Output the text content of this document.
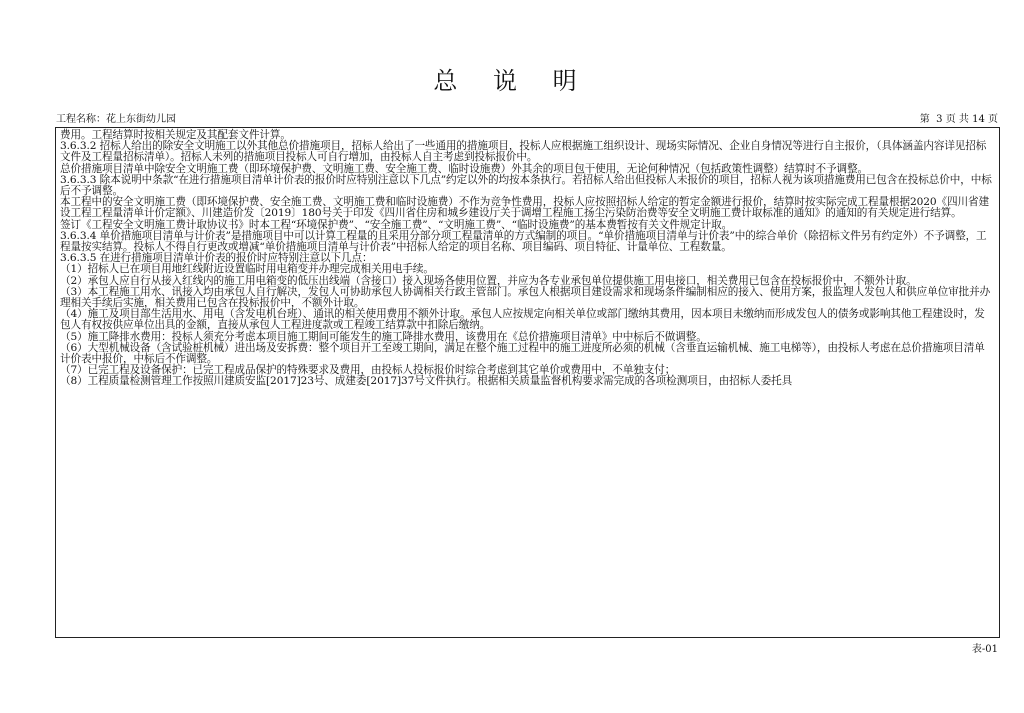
总 说 明
工程名称：花上东街幼儿园	第 3 页 共 14 页

费用。工程结算时按相关规定及其配套文件计算。

3.6.3.2 招标人给出的除安全文明施工以外其他总价措施项目，招标人给出了一些通用的措施项目，投标人应根据施工组织设计、现场实际情况、企业自身情况等进行自主报价，（具体涵盖内容详见招标文件及工程量招标清单）。招标人未列的措施项目投标人可自行增加，由投标人自主考虑到投标报价中。

总价措施项目清单中除安全文明施工费（即环境保护费、文明施工费、安全施工费、临时设施费）外其余的项目包干使用，无论何种情况（包括政策性调整）结算时不予调整。

3.6.3.3 除本说明中条款“在进行措施项目清单计价表的报价时应特别注意以下几点”约定以外的均按本条执行。若招标人给出但投标人未报价的项目，招标人视为该项措施费用已包含在投标总价中，中标后不予调整。

本工程中的安全文明施工费（即环境保护费、安全施工费、文明施工费和临时设施费）不作为竞争性费用，投标人应按照招标人给定的暂定金额进行报价，结算时按实际完成工程量根据2020《四川省建设工程工程量清单计价定额》、川建造价发〔2019〕180号关于印发《四川省住房和城乡建设厅关于调增工程施工扬尘污染防治费等安全文明施工费计取标准的通知》的通知的有关规定进行结算。

签订《工程安全文明施工费计取协议书》时本工程“环境保护费”、“安全施工费”、“文明施工费”、“临时设施费”的基本费暂按有关文件规定计取。

3.6.3.4 单价措施项目清单与计价表”是措施项目中可以计算工程量的且采用分部分项工程量清单的方式编制的项目。“单价措施项目清单与计价表”中的综合单价（除招标文件另有约定外）不予调整，工程量按实结算。投标人不得自行更改或增减“单价措施项目清单与计价表”中招标人给定的项目名称、项目编码、项目特征、计量单位、工程数量。

3.6.3.5 在进行措施项目清单计价表的报价时应特别注意以下几点：

（1）招标人已在项目用地红线附近设置临时用电箱变并办理完成相关用电手续。

（2）承包人应自行从接入红线内的施工用电箱变的低压出线端（含接口）接入现场各使用位置，并应为各专业承包单位提供施工用电接口，相关费用已包含在投标报价中，不额外计取。

（3）本工程施工用水、讯接入均由承包人自行解决，发包人可协助承包人协调相关行政主管部门。承包人根据项目建设需求和现场条件编制相应的接入、使用方案，报监理人发包人和供应单位审批并办理相关手续后实施，相关费用已包含在投标报价中，不额外计取。

（4）施工及项目部生活用水、用电（含发电机台班）、通讯的相关使用费用不额外计取。承包人应按规定向相关单位或部门缴纳其费用，因本项目未缴纳而形成发包人的债务或影响其他工程建设时，发包人有权按供应单位出具的金额，直接从承包人工程进度款或工程竣工结算款中扣除后缴纳。

（5）施工降排水费用：投标人须充分考虑本项目施工期间可能发生的施工降排水费用，该费用在《总价措施项目清单》中中标后不做调整。

（6）大型机械设备（含试验桩机械）进出场及安拆费：整个项目开工至竣工期间，满足在整个施工过程中的施工进度所必须的机械（含垂直运输机械、施工电梯等），由投标人考虑在总价措施项目清单计价表中报价，中标后不作调整。

（7）已完工程及设备保护：已完工程成品保护的特殊要求及费用，由投标人投标报价时综合考虑到其它单价或费用中，不单独支付；

（8）工程质量检测管理工作按照川建质安监[2017]23号、成建委[2017]37号文件执行。根据相关质量监督机构要求需完成的各项检测项目，由招标人委托具

表-01
